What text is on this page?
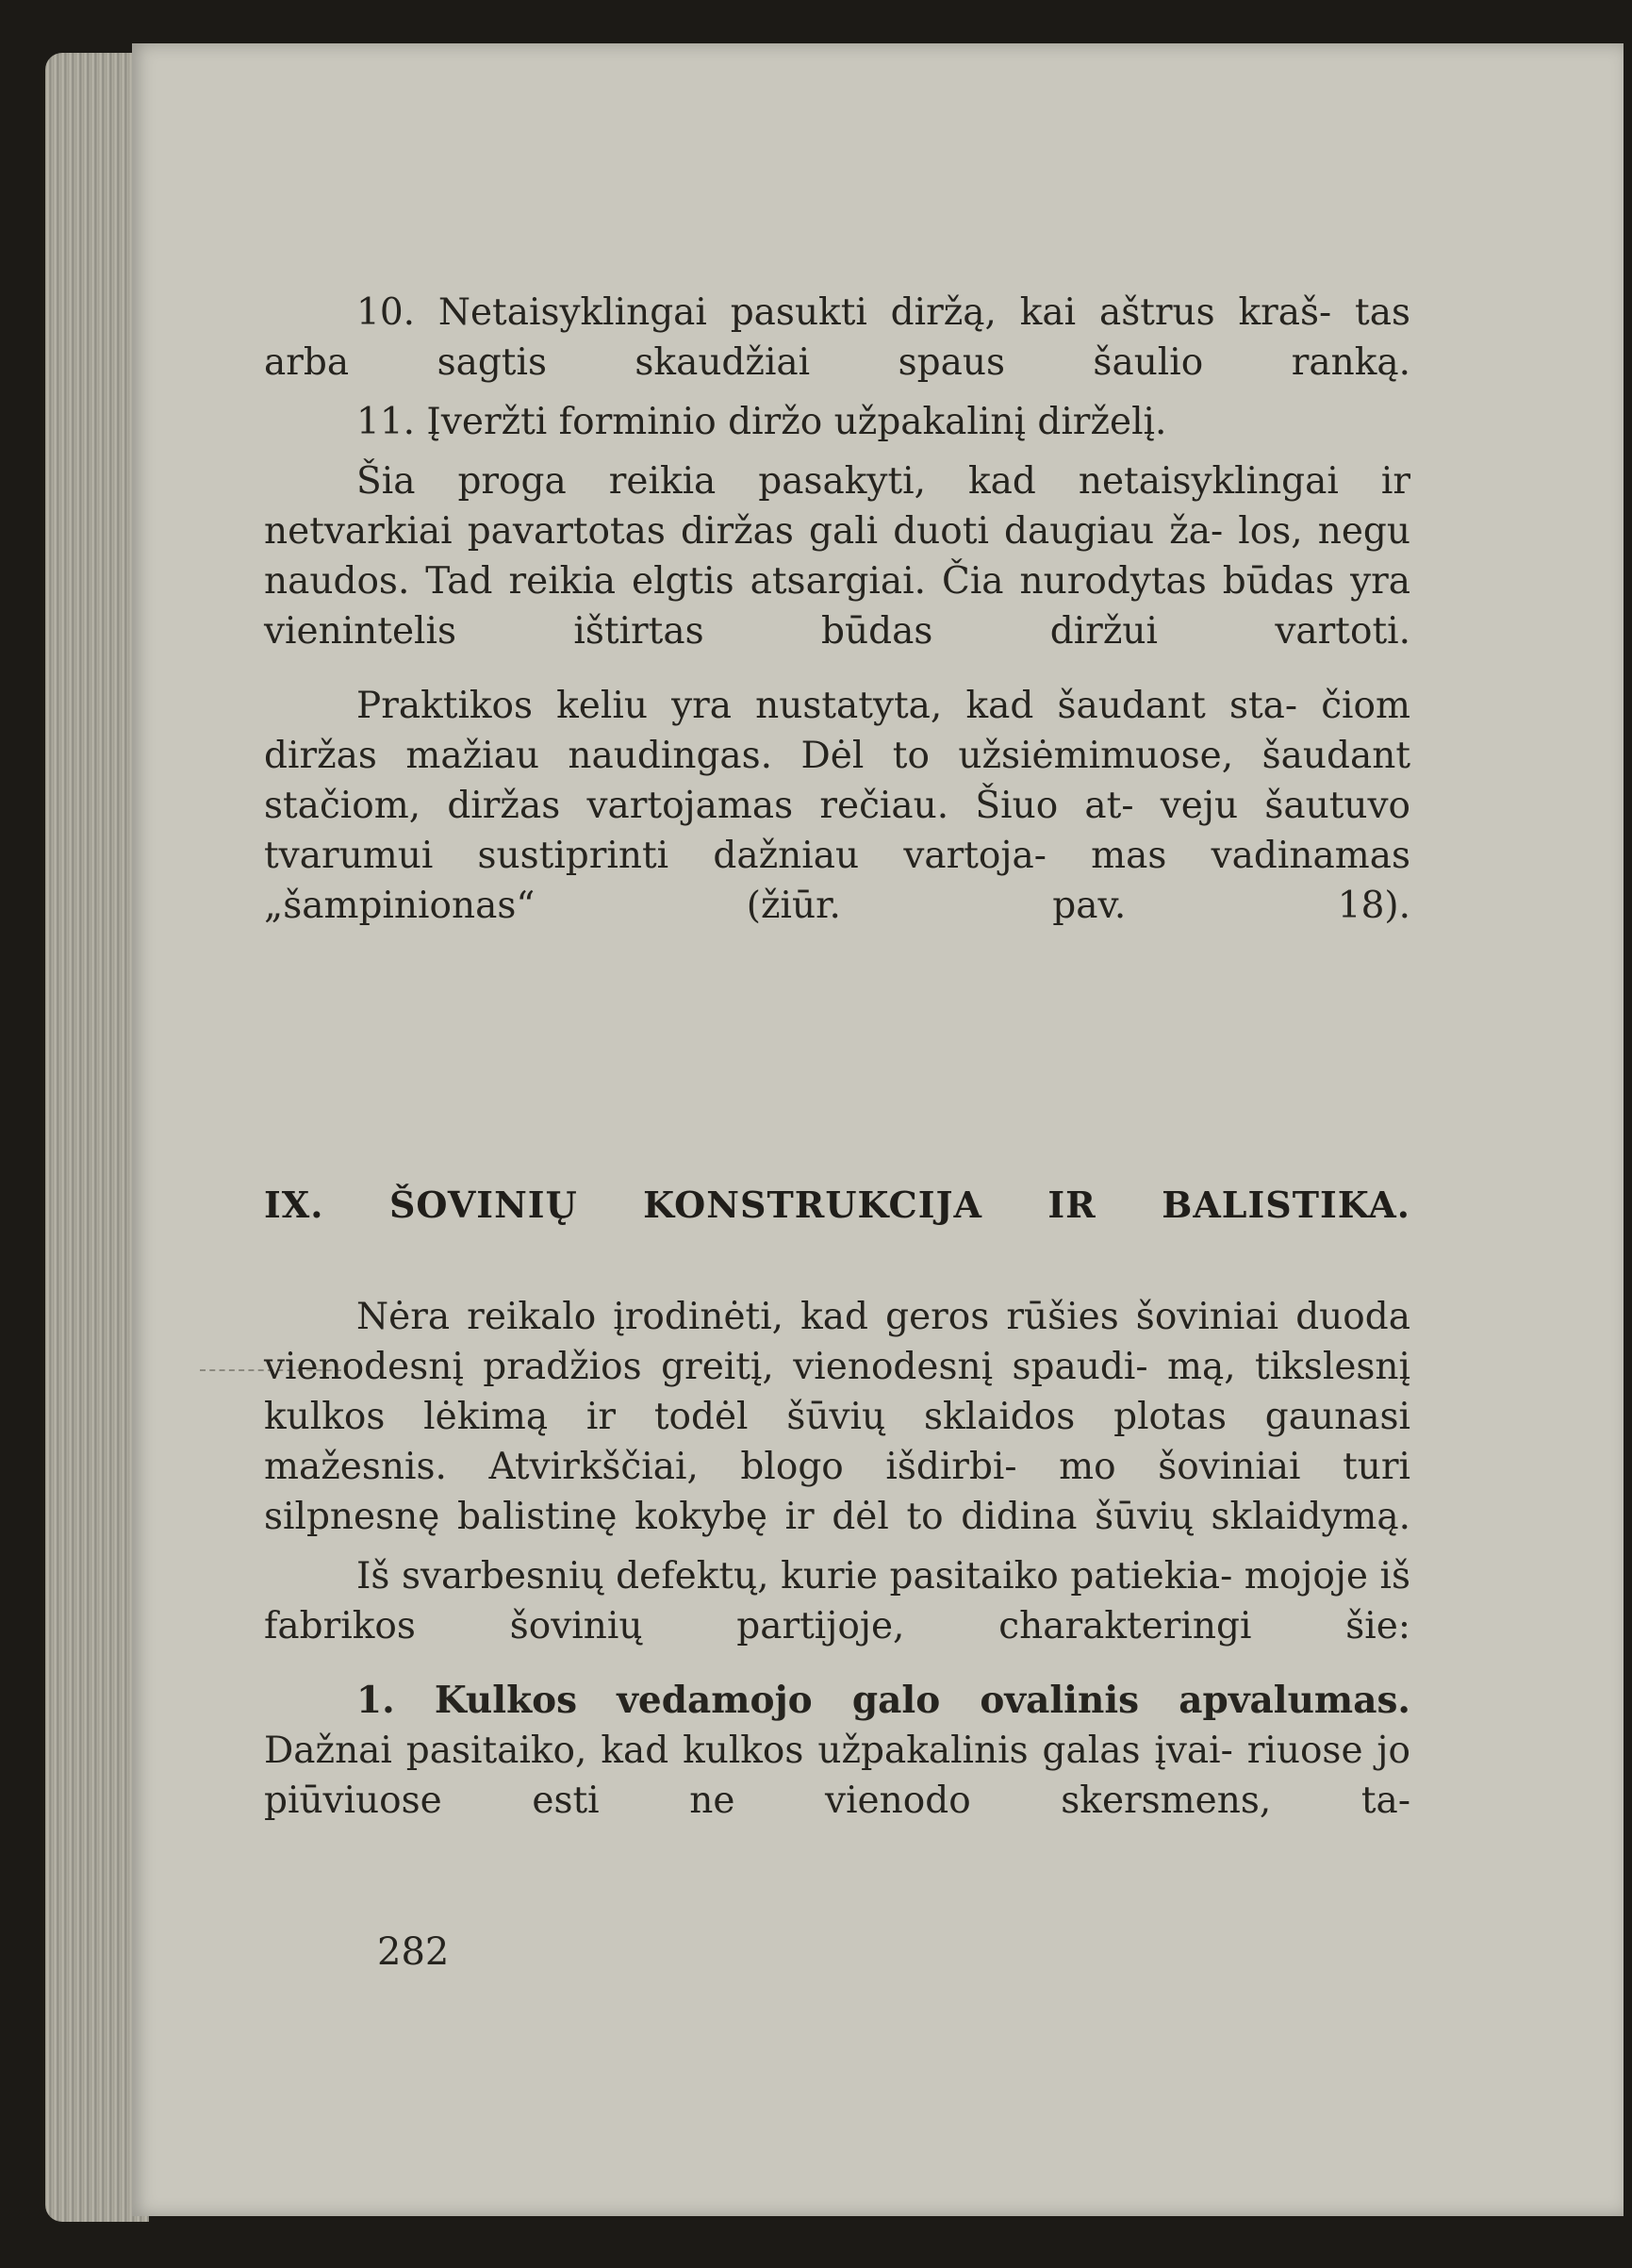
10. Netaisyklingai pasukti diržą, kai aštrus kraš- tas arba sagtis skaudžiai spaus šaulio ranką.

11. Įveržti forminio diržo užpakalinį dirželį.

Šia proga reikia pasakyti, kad netaisyklingai ir netvarkiai pavartotas diržas gali duoti daugiau ža- los, negu naudos. Tad reikia elgtis atsargiai. Čia nurodytas būdas yra vienintelis ištirtas būdas diržui	vartoti.

Praktikos keliu yra nustatyta, kad šaudant sta- čiom diržas mažiau naudingas. Dėl to užsiėmimuose, šaudant stačiom, diržas vartojamas rečiau. Šiuo at- veju šautuvo tvarumui sustiprinti dažniau vartoja- mas vadinamas „šampinionas“ (žiūr. pav. 18).

IX. ŠOVINIŲ KONSTRUKCIJA IR BALISTIKA.

Nėra reikalo įrodinėti, kad geros rūšies šoviniai duoda vienodesnį pradžios greitį, vienodesnį spaudi- mą, tikslesnį kulkos lėkimą ir todėl šūvių sklaidos plotas gaunasi mažesnis. Atvirkščiai, blogo išdirbi- mo šoviniai turi silpnesnę balistinę kokybę ir dėl to didina šūvių sklaidymą.

Iš svarbesnių defektų, kurie pasitaiko patiekia- mojoje iš fabrikos šovinių partijoje, charakteringi	šie:

1. Kulkos vedamojo galo ovalinis apvalumas. Dažnai pasitaiko, kad kulkos užpakalinis galas įvai- riuose jo piūviuose esti ne vienodo skersmens, ta-

282
